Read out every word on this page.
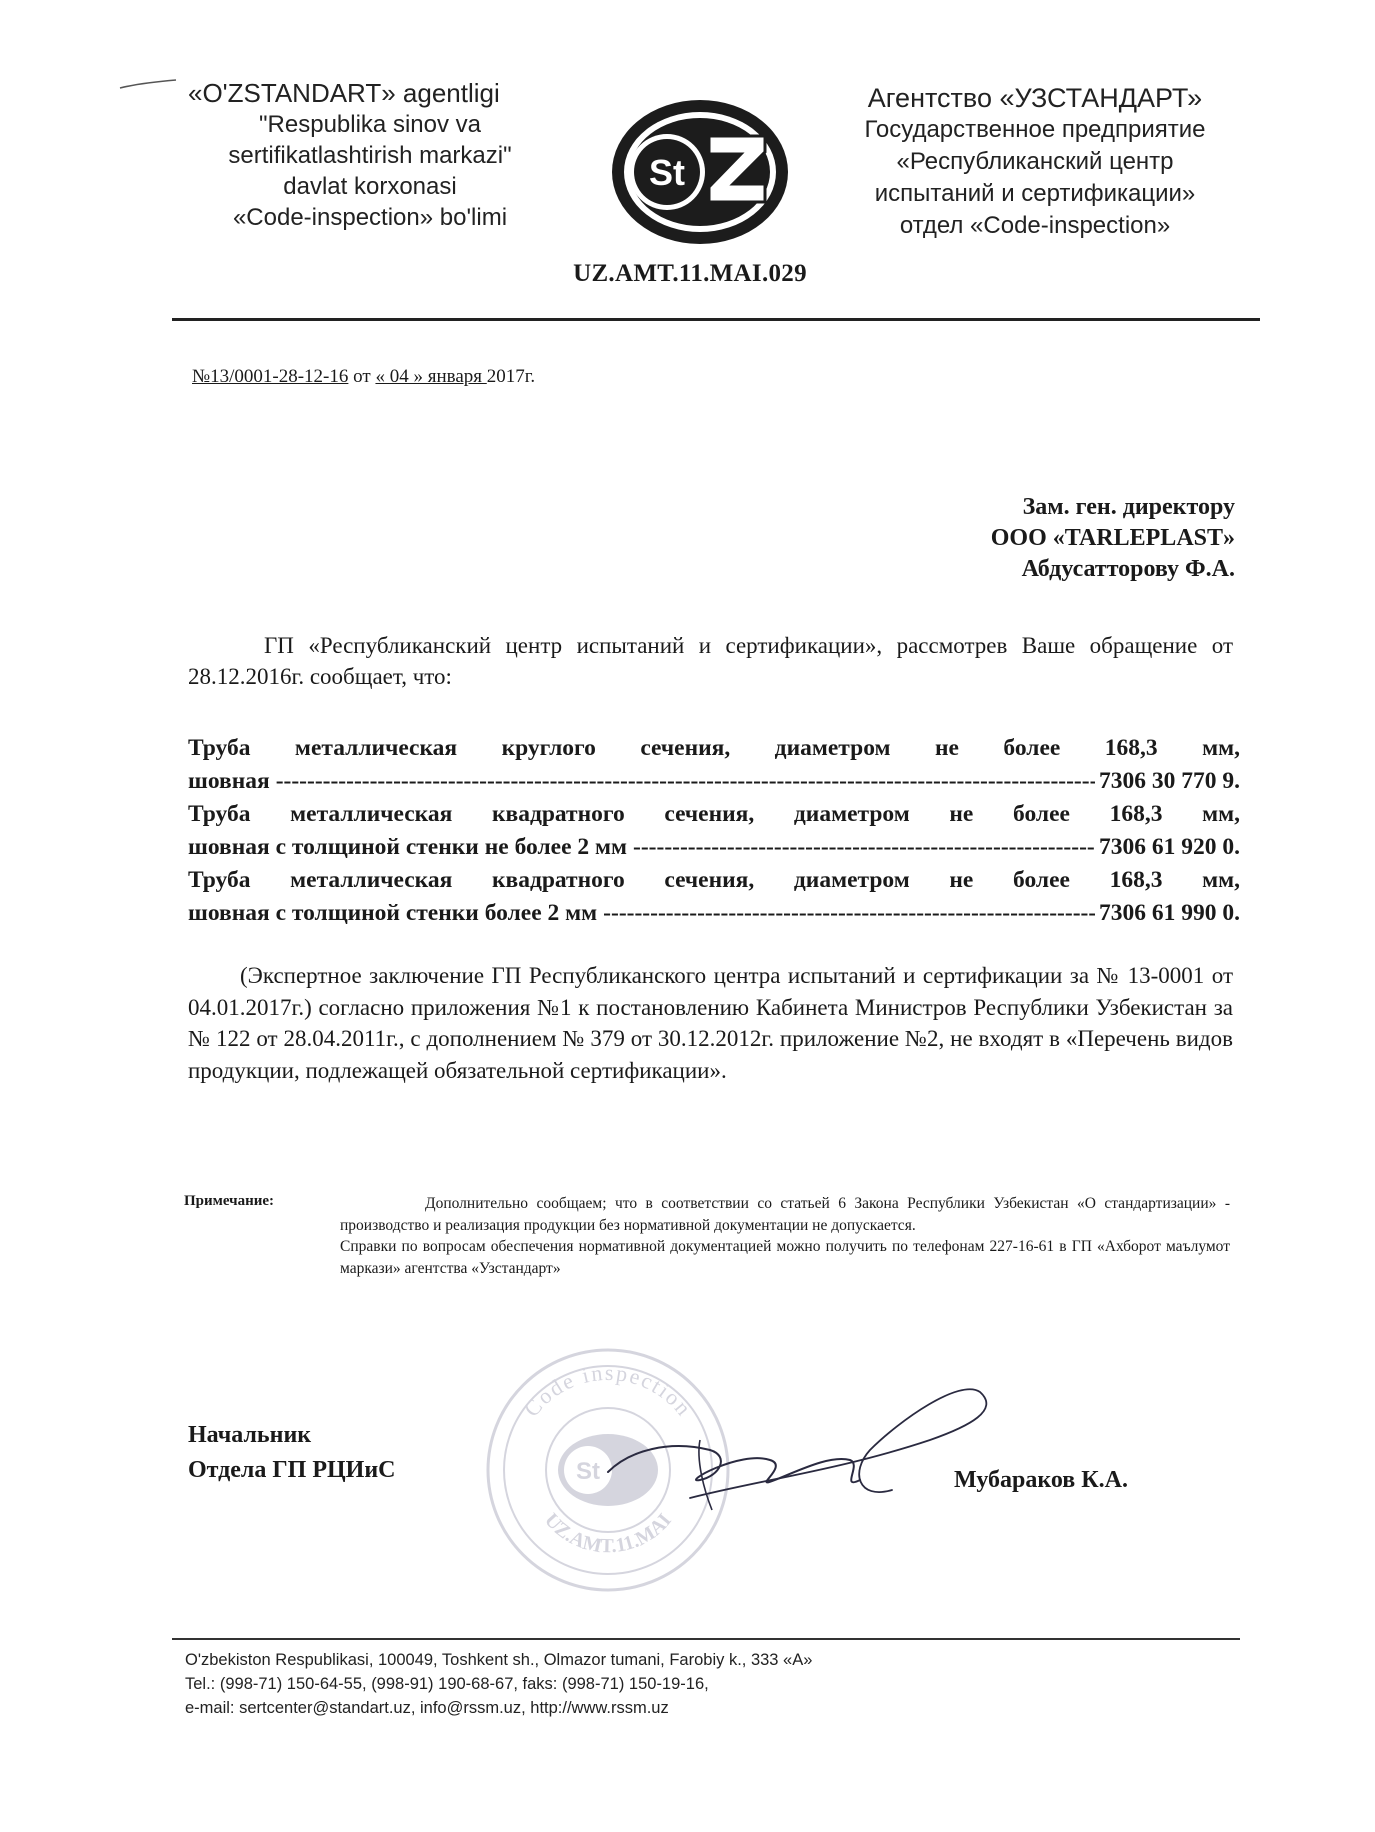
«O'ZSTANDART» agentligi
"Respublika sinov va
sertifikatlashtirish markazi"
davlat korxonasi
«Code-inspection» bo'limi
St
Агентство «УЗСТАНДАРТ»
Государственное предприятие
«Республиканский центр
испытаний и сертификации»
отдел «Code-inspection»
UZ.AMT.11.MAI.029
№13/0001-28-12-16 от « 04 » января 2017г.
Зам. ген. директору
ООО «TARLEPLAST»
Абдусатторову Ф.А.
ГП «Республиканский центр испытаний и сертификации», рассмотрев Ваше обращение от 28.12.2016г. сообщает, что:
Труба металлическая круглого сечения, диаметром не более 168,3 мм,
шовная -----	7306 30 770 9.
Труба металлическая квадратного сечения, диаметром не более 168,3 мм,
шовная с толщиной стенки не более 2 мм -----	7306 61 920 0.
Труба металлическая квадратного сечения, диаметром не более 168,3 мм,
шовная с толщиной стенки более 2 мм -----	7306 61 990 0.
(Экспертное заключение ГП Республиканского центра испытаний и сертификации за № 13-0001 от 04.01.2017г.) согласно приложения №1 к постановлению Кабинета Министров Республики Узбекистан за № 122 от 28.04.2011г., с дополнением № 379 от 30.12.2012г. приложение №2, не входят в «Перечень видов продукции, подлежащей обязательной сертификации».
Примечание:	Дополнительно сообщаем; что в соответствии со статьей 6 Закона Республики Узбекистан «О стандартизации» - производство и реализация продукции без нормативной документации не допускается.

Справки по вопросам обеспечения нормативной документацией можно получить по телефонам 227-16-61 в ГП «Ахборот маълумот маркази» агентства «Узстандарт»

St
Code inspection
UZ.AMT.11.MAI
Начальник
Отдела ГП РЦИиС	Мубараков К.А.
O'zbekiston Respublikasi, 100049, Toshkent sh., Olmazor tumani, Farobiy k., 333 «A»
Tel.: (998-71) 150-64-55, (998-91) 190-68-67, faks: (998-71) 150-19-16,
e-mail: sertcenter@standart.uz, info@rssm.uz, http://www.rssm.uz
